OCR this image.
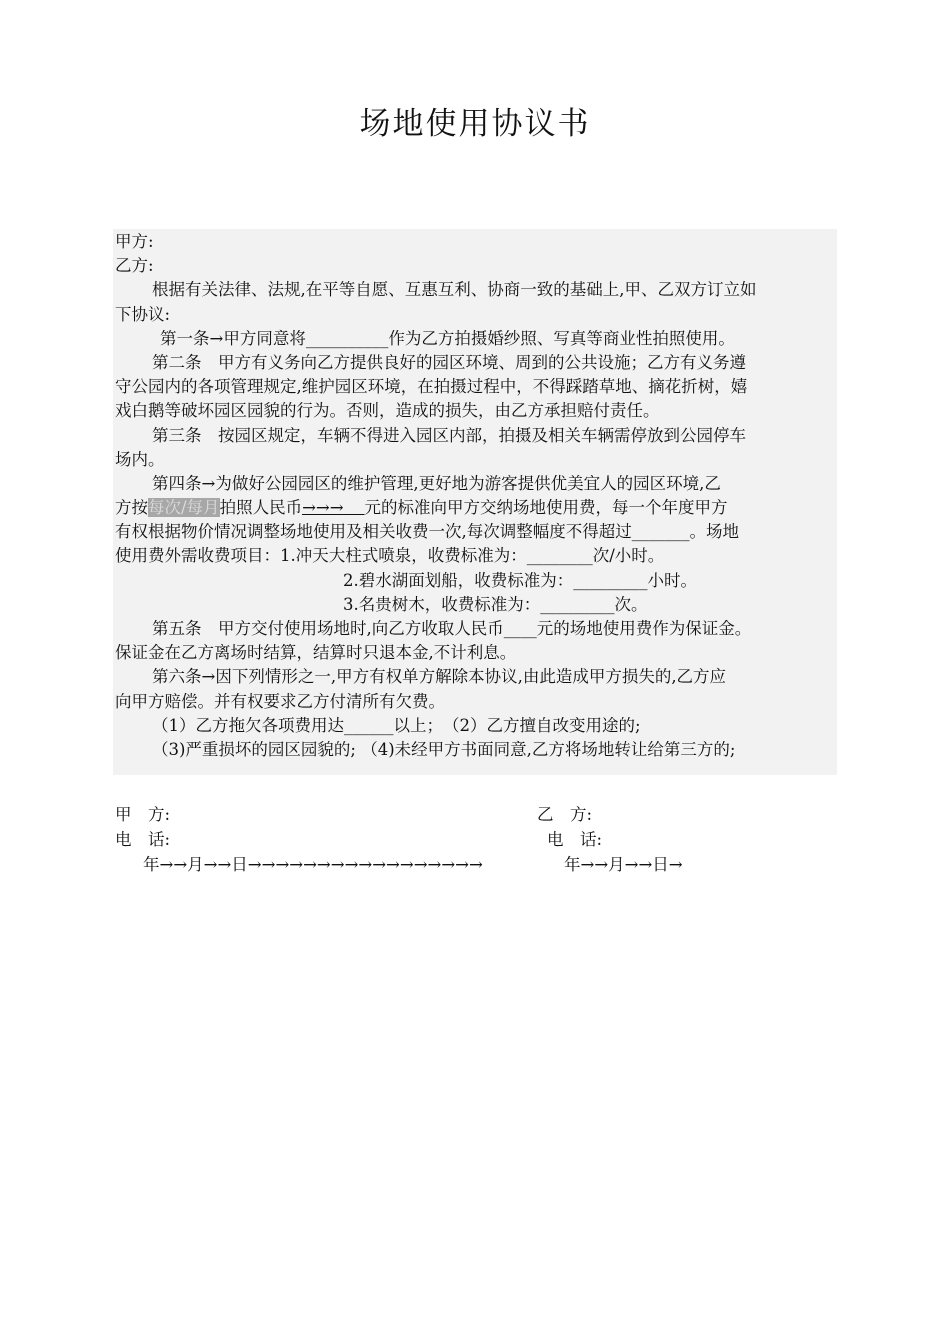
场地使用协议书
甲方:
乙方:
根据有关法律、法规,在平等自愿、互惠互利、协商一致的基础上,甲、乙双方订立如
下协议:
第一条→甲方同意将__________作为乙方拍摄婚纱照、写真等商业性拍照使用。
第二条　甲方有义务向乙方提供良好的园区环境、周到的公共设施；乙方有义务遵
守公园内的各项管理规定,维护园区环境，在拍摄过程中，不得踩踏草地、摘花折树，嬉
戏白鹅等破坏园区园貌的行为。否则，造成的损失，由乙方承担赔付责任。
第三条　按园区规定，车辆不得进入园区内部，拍摄及相关车辆需停放到公园停车
场内。
第四条→为做好公园园区的维护管理,更好地为游客提供优美宜人的园区环境,乙
方按每次/每月拍照人民币→→→ 元的标准向甲方交纳场地使用费，每一个年度甲方
有权根据物价情况调整场地使用及相关收费一次,每次调整幅度不得超过_______。场地
使用费外需收费项目：1.冲天大柱式喷泉，收费标准为：________次/小时。
2.碧水湖面划船，收费标准为：_________小时。
3.名贵树木，收费标准为：_________次。
第五条　甲方交付使用场地时,向乙方收取人民币____元的场地使用费作为保证金。
保证金在乙方离场时结算，结算时只退本金,不计利息。
第六条→因下列情形之一,甲方有权单方解除本协议,由此造成甲方损失的,乙方应
向甲方赔偿。并有权要求乙方付清所有欠费。
（1）乙方拖欠各项费用达______以上；　（2）乙方擅自改变用途的;
（3)严重损坏的园区园貌的; （4)未经甲方书面同意,乙方将场地转让给第三方的;
甲　方:	乙　方:
电　话:	电　话:
年→→月→→日→→→→→→→→→→→→→→→→→	年→→月→→日→
